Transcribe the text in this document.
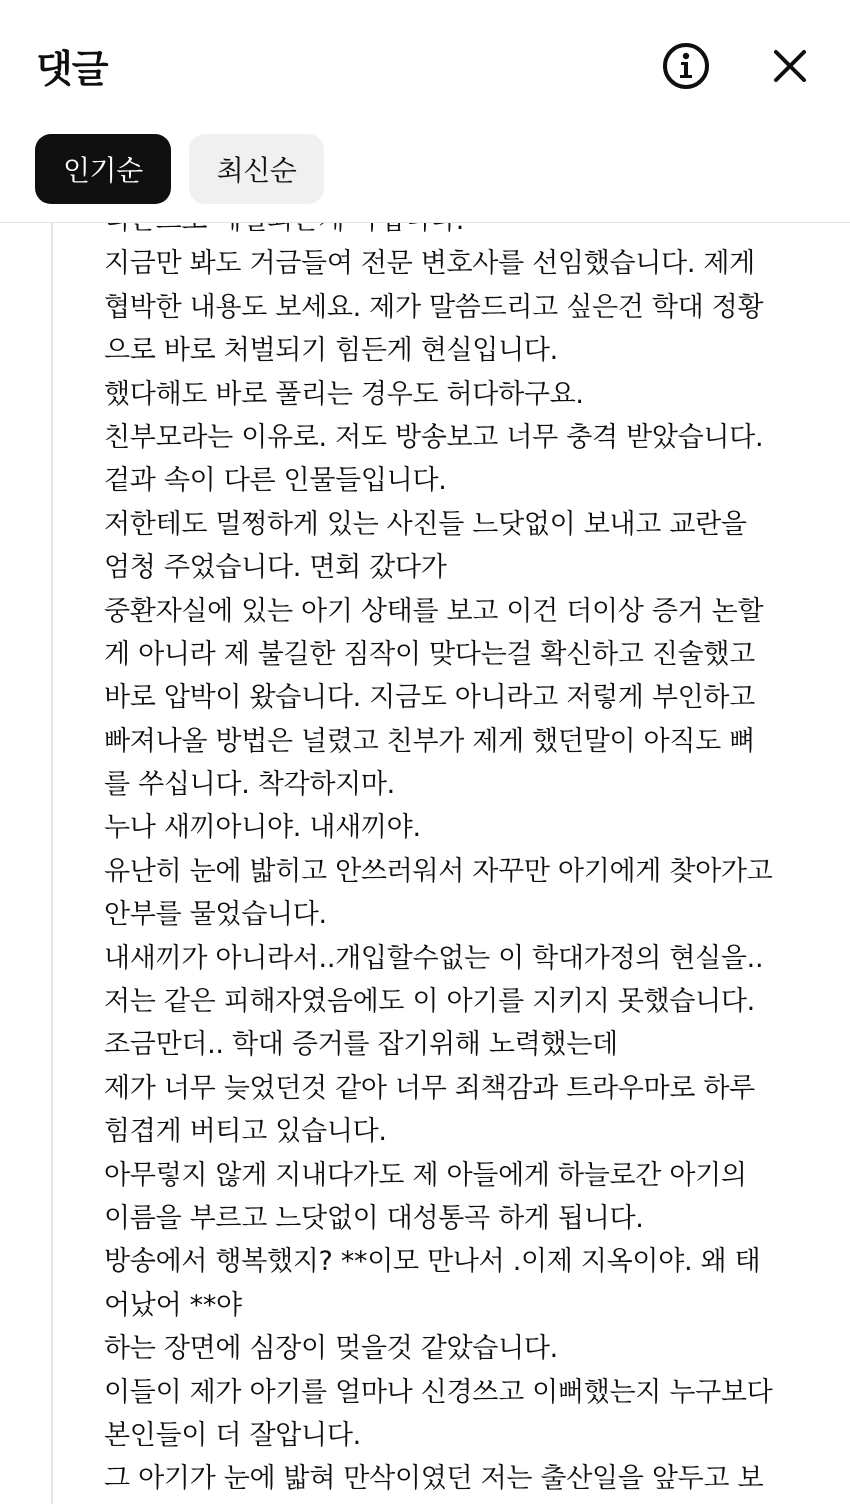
지금만 봐도 거금들여 전문 변호사를 선임했습니다. 제게
협박한 내용도 보세요. 제가 말씀드리고 싶은건 학대 정황
으로 바로 처벌되기 힘든게 현실입니다.
했다해도 바로 풀리는 경우도 허다하구요.
친부모라는 이유로. 저도 방송보고 너무 충격 받았습니다.
겉과 속이 다른 인물들입니다.
저한테도 멀쩡하게 있는 사진들 느닷없이 보내고 교란을
엄청 주었습니다. 면회 갔다가
중환자실에 있는 아기 상태를 보고 이건 더이상 증거 논할
게 아니라 제 불길한 짐작이 맞다는걸 확신하고 진술했고
바로 압박이 왔습니다. 지금도 아니라고 저렇게 부인하고
빠져나올 방법은 널렸고 친부가 제게 했던말이 아직도 뼈
를 쑤십니다. 착각하지마.
누나 새끼아니야. 내새끼야.
유난히 눈에 밟히고 안쓰러워서 자꾸만 아기에게 찾아가고
안부를 물었습니다.
내새끼가 아니라서..개입할수없는 이 학대가정의 현실을..
저는 같은 피해자였음에도 이 아기를 지키지 못했습니다.
조금만더.. 학대 증거를 잡기위해 노력했는데
제가 너무 늦었던것 같아 너무 죄책감과 트라우마로 하루
힘겹게 버티고 있습니다.
아무렇지 않게 지내다가도 제 아들에게 하늘로간 아기의
이름을 부르고 느닷없이 대성통곡 하게 됩니다.
방송에서 행복했지? **이모 만나서 .이제 지옥이야. 왜 태
어났어 **야
하는 장면에 심장이 멎을것 같았습니다.
이들이 제가 아기를 얼마나 신경쓰고 이뻐했는지 누구보다
본인들이 더 잘압니다.
그 아기가 눈에 밟혀 만삭이였던 저는 출산일을 앞두고 보
댓글
인기순	최신순
